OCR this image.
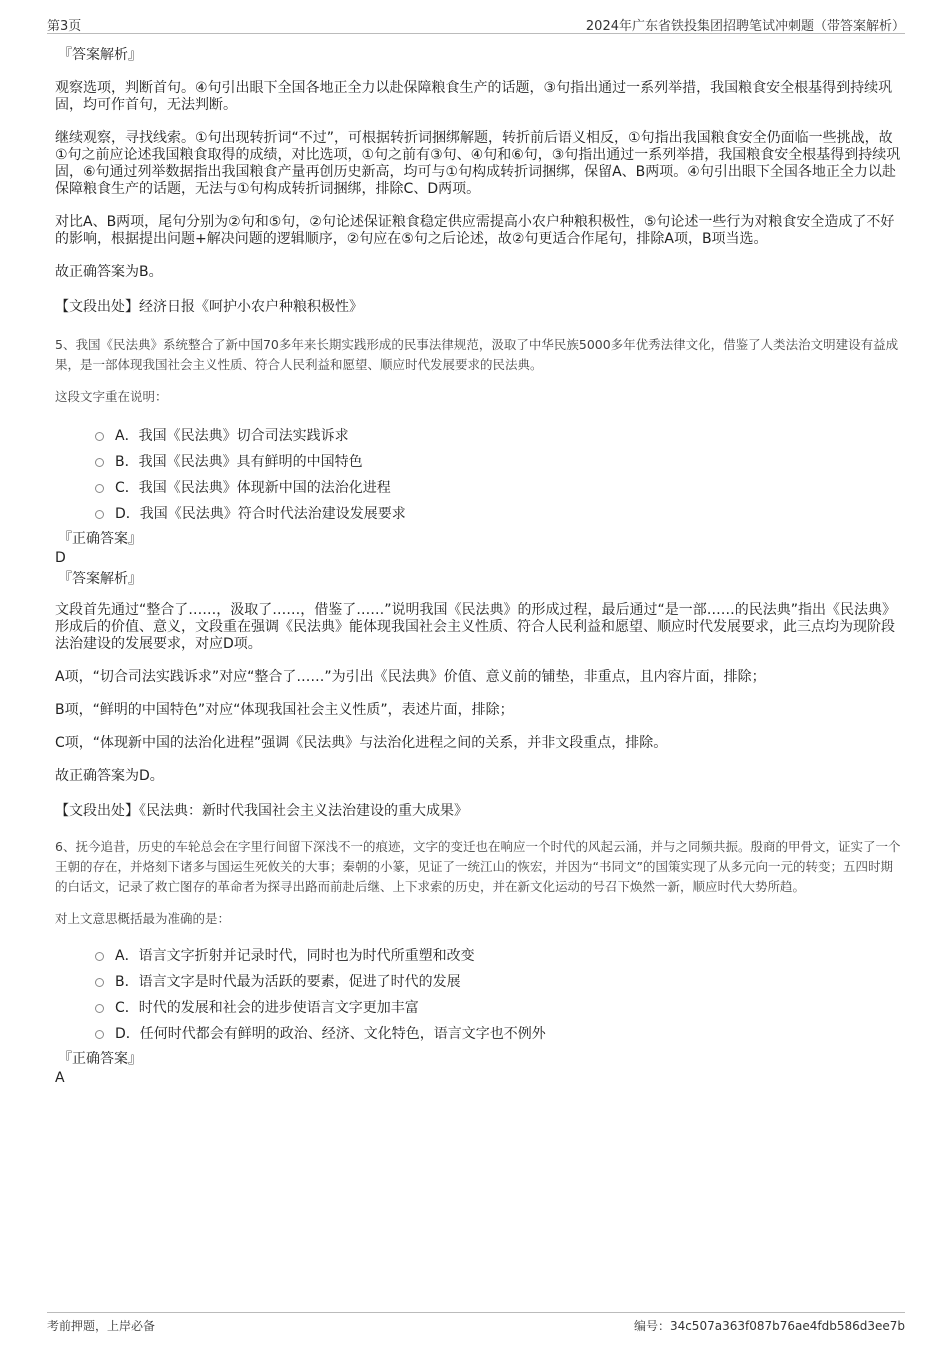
第3页	2024年广东省铁投集团招聘笔试冲刺题（带答案解析）
『答案解析』
观察选项，判断首句。④句引出眼下全国各地正全力以赴保障粮食生产的话题，③句指出通过一系列举措，我国粮食安全根基得到持续巩固，均可作首句，无法判断。
继续观察，寻找线索。①句出现转折词“不过”，可根据转折词捆绑解题，转折前后语义相反，①句指出我国粮食安全仍面临一些挑战，故①句之前应论述我国粮食取得的成绩，对比选项，①句之前有③句、④句和⑥句，③句指出通过一系列举措，我国粮食安全根基得到持续巩固，⑥句通过列举数据指出我国粮食产量再创历史新高，均可与①句构成转折词捆绑，保留A、B两项。④句引出眼下全国各地正全力以赴保障粮食生产的话题，无法与①句构成转折词捆绑，排除C、D两项。
对比A、B两项，尾句分别为②句和⑤句，②句论述保证粮食稳定供应需提高小农户种粮积极性，⑤句论述一些行为对粮食安全造成了不好的影响，根据提出问题+解决问题的逻辑顺序，②句应在⑤句之后论述，故②句更适合作尾句，排除A项，B项当选。
故正确答案为B。
【文段出处】经济日报《呵护小农户种粮积极性》
5、我国《民法典》系统整合了新中国70多年来长期实践形成的民事法律规范，汲取了中华民族5000多年优秀法律文化，借鉴了人类法治文明建设有益成果，是一部体现我国社会主义性质、符合人民利益和愿望、顺应时代发展要求的民法典。
这段文字重在说明：
A．我国《民法典》切合司法实践诉求
B．我国《民法典》具有鲜明的中国特色
C．我国《民法典》体现新中国的法治化进程
D．我国《民法典》符合时代法治建设发展要求
『正确答案』
D
『答案解析』
文段首先通过“整合了……，汲取了……，借鉴了……”说明我国《民法典》的形成过程，最后通过“是一部……的民法典”指出《民法典》形成后的价值、意义，文段重在强调《民法典》能体现我国社会主义性质、符合人民利益和愿望、顺应时代发展要求，此三点均为现阶段法治建设的发展要求，对应D项。
A项，“切合司法实践诉求”对应“整合了……”为引出《民法典》价值、意义前的铺垫，非重点，且内容片面，排除；
B项，“鲜明的中国特色”对应“体现我国社会主义性质”，表述片面，排除；
C项，“体现新中国的法治化进程”强调《民法典》与法治化进程之间的关系，并非文段重点，排除。
故正确答案为D。
【文段出处】《民法典：新时代我国社会主义法治建设的重大成果》
6、抚今追昔，历史的车轮总会在字里行间留下深浅不一的痕迹，文字的变迁也在响应一个时代的风起云涌，并与之同频共振。殷商的甲骨文，证实了一个王朝的存在，并烙刻下诸多与国运生死攸关的大事；秦朝的小篆，见证了一统江山的恢宏，并因为“书同文”的国策实现了从多元向一元的转变；五四时期的白话文，记录了救亡图存的革命者为探寻出路而前赴后继、上下求索的历史，并在新文化运动的号召下焕然一新，顺应时代大势所趋。
对上文意思概括最为准确的是：
A．语言文字折射并记录时代，同时也为时代所重塑和改变
B．语言文字是时代最为活跃的要素，促进了时代的发展
C．时代的发展和社会的进步使语言文字更加丰富
D．任何时代都会有鲜明的政治、经济、文化特色，语言文字也不例外
『正确答案』
A
考前押题，上岸必备	编号：34c507a363f087b76ae4fdb586d3ee7b
